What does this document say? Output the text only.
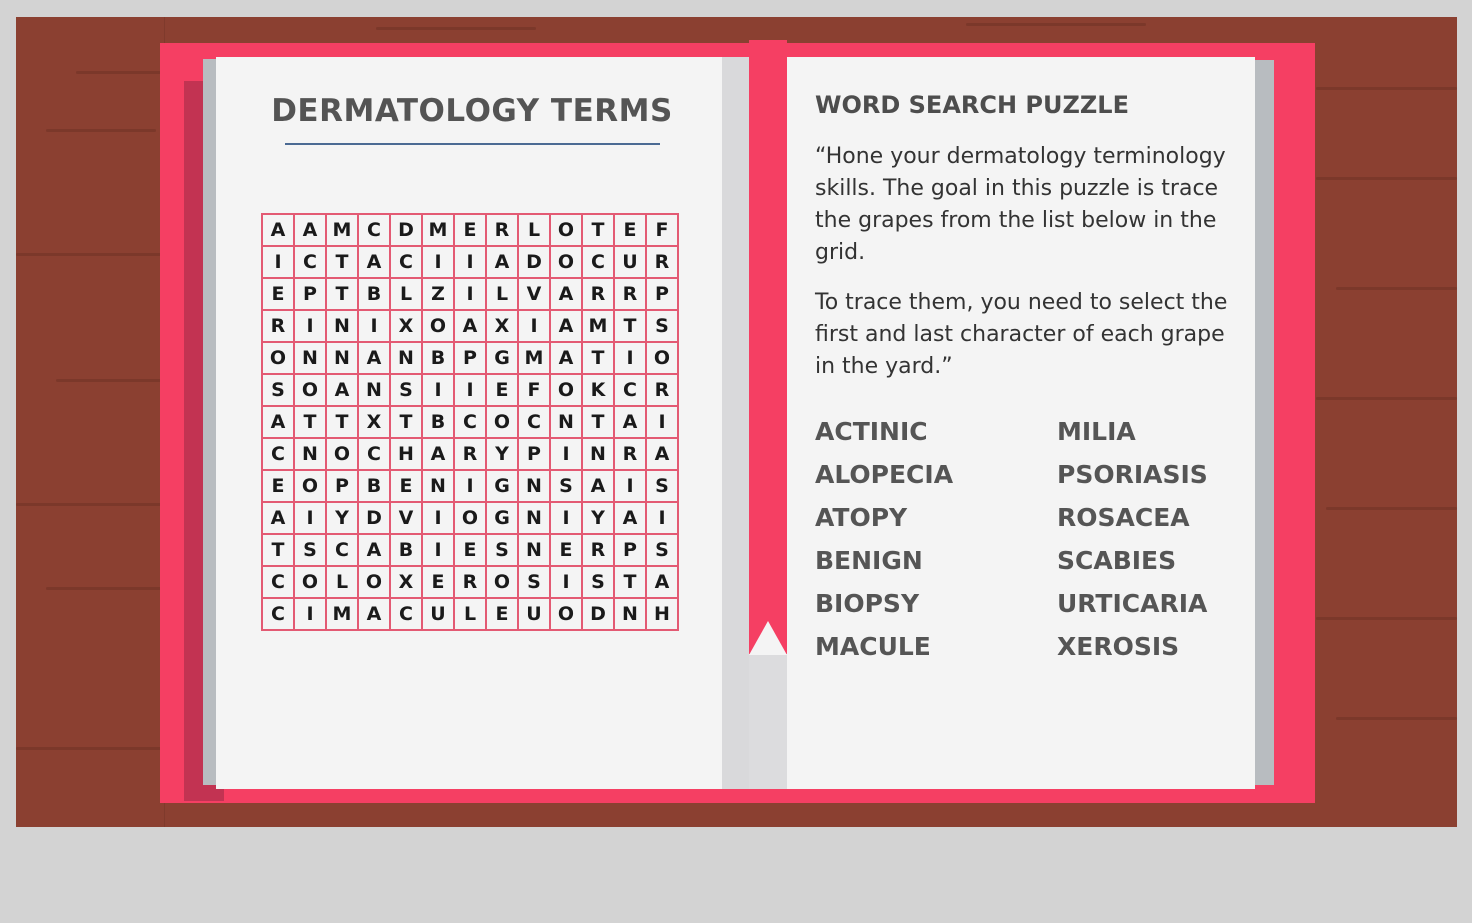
DERMATOLOGY TERMS
A A M C D M E R L O T	E	F
I	C T A C	I	I	A D O C U R
E P T B L	Z	I	L V A R R P
R	I	N	I	X O A X	I	A M T S
O N N A N B P G M A T	I	O
S O A N S	I	I	E	F O K C R
A T	T X T B C O C N T A	I
C N O C H A R Y P	I	N R A
E O P B E N	I	G N S A	I	S
A	I	Y D V	I	O G N	I	Y A	I
T S C A B	I	E S N E R P S
C O L O X E R O S	I	S T A
C	I	M A C U L	E U O D N H
WORD SEARCH PUZZLE
“Hone your dermatology terminology skills. The goal in this puzzle is trace the grapes from the list below in the grid.
To trace them, you need to select the first and last character of each grape in the yard.”
ACTINIC	MILIA
ALOPECIA	PSORIASIS
ATOPY	ROSACEA
BENIGN	SCABIES
BIOPSY	URTICARIA
MACULE	XEROSIS
